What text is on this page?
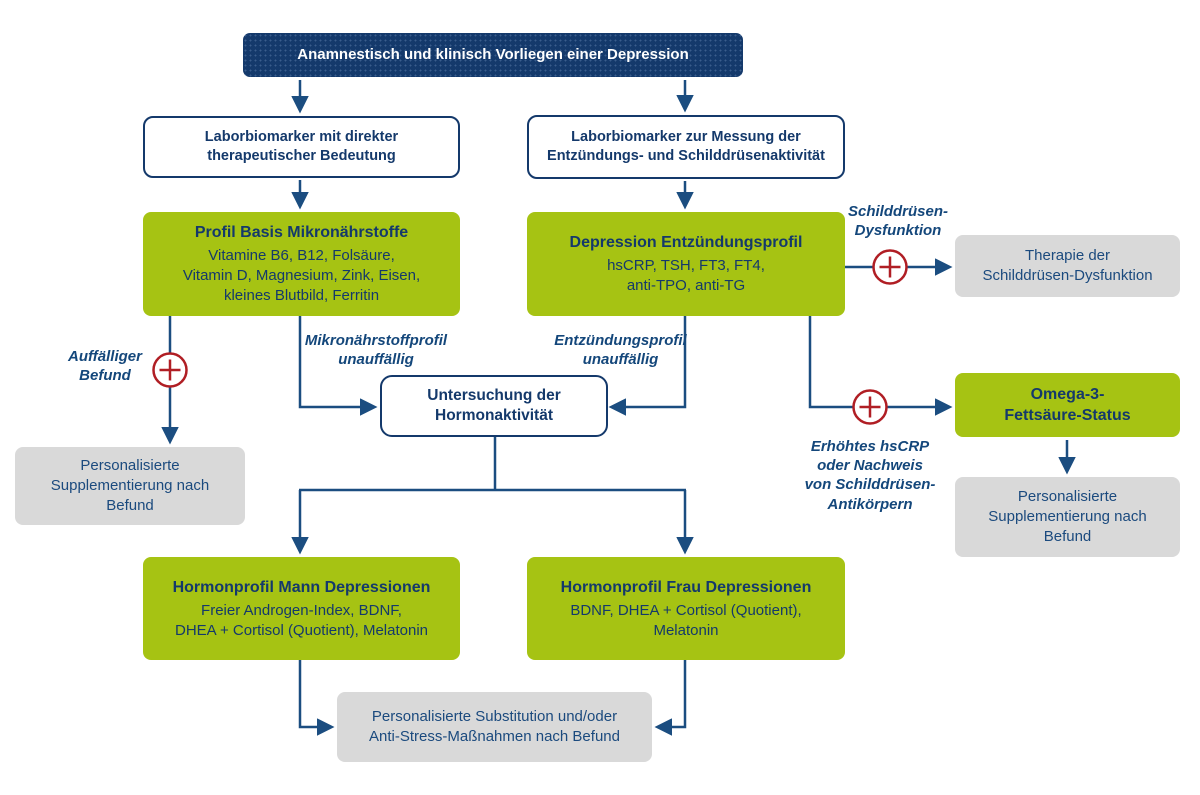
Anamnestisch und klinisch Vorliegen einer Depression
Laborbiomarker mit direkter
therapeutischer Bedeutung
Laborbiomarker zur Messung der
Entzündungs- und Schilddrüsenaktivität
Profil Basis Mikronährstoffe
Vitamine B6, B12, Folsäure,
Vitamin D, Magnesium, Zink, Eisen,
kleines Blutbild, Ferritin
Depression Entzündungsprofil
hsCRP, TSH, FT3, FT4,
anti-TPO, anti-TG
Therapie der
Schilddrüsen-Dysfunktion
Untersuchung der
Hormonaktivität
Personalisierte
Supplementierung nach
Befund
Omega-3-
Fettsäure-Status
Personalisierte
Supplementierung nach
Befund
Hormonprofil Mann Depressionen
Freier Androgen-Index, BDNF,
DHEA + Cortisol (Quotient), Melatonin
Hormonprofil Frau Depressionen
BDNF, DHEA + Cortisol (Quotient),
Melatonin
Personalisierte Substitution und/oder
Anti-Stress-Maßnahmen nach Befund
Schilddrüsen-
Dysfunktion
Auffälliger
Befund
Mikronährstoffprofil
unauffällig
Entzündungsprofil
unauffällig
Erhöhtes hsCRP
oder Nachweis
von Schilddrüsen-
Antikörpern
